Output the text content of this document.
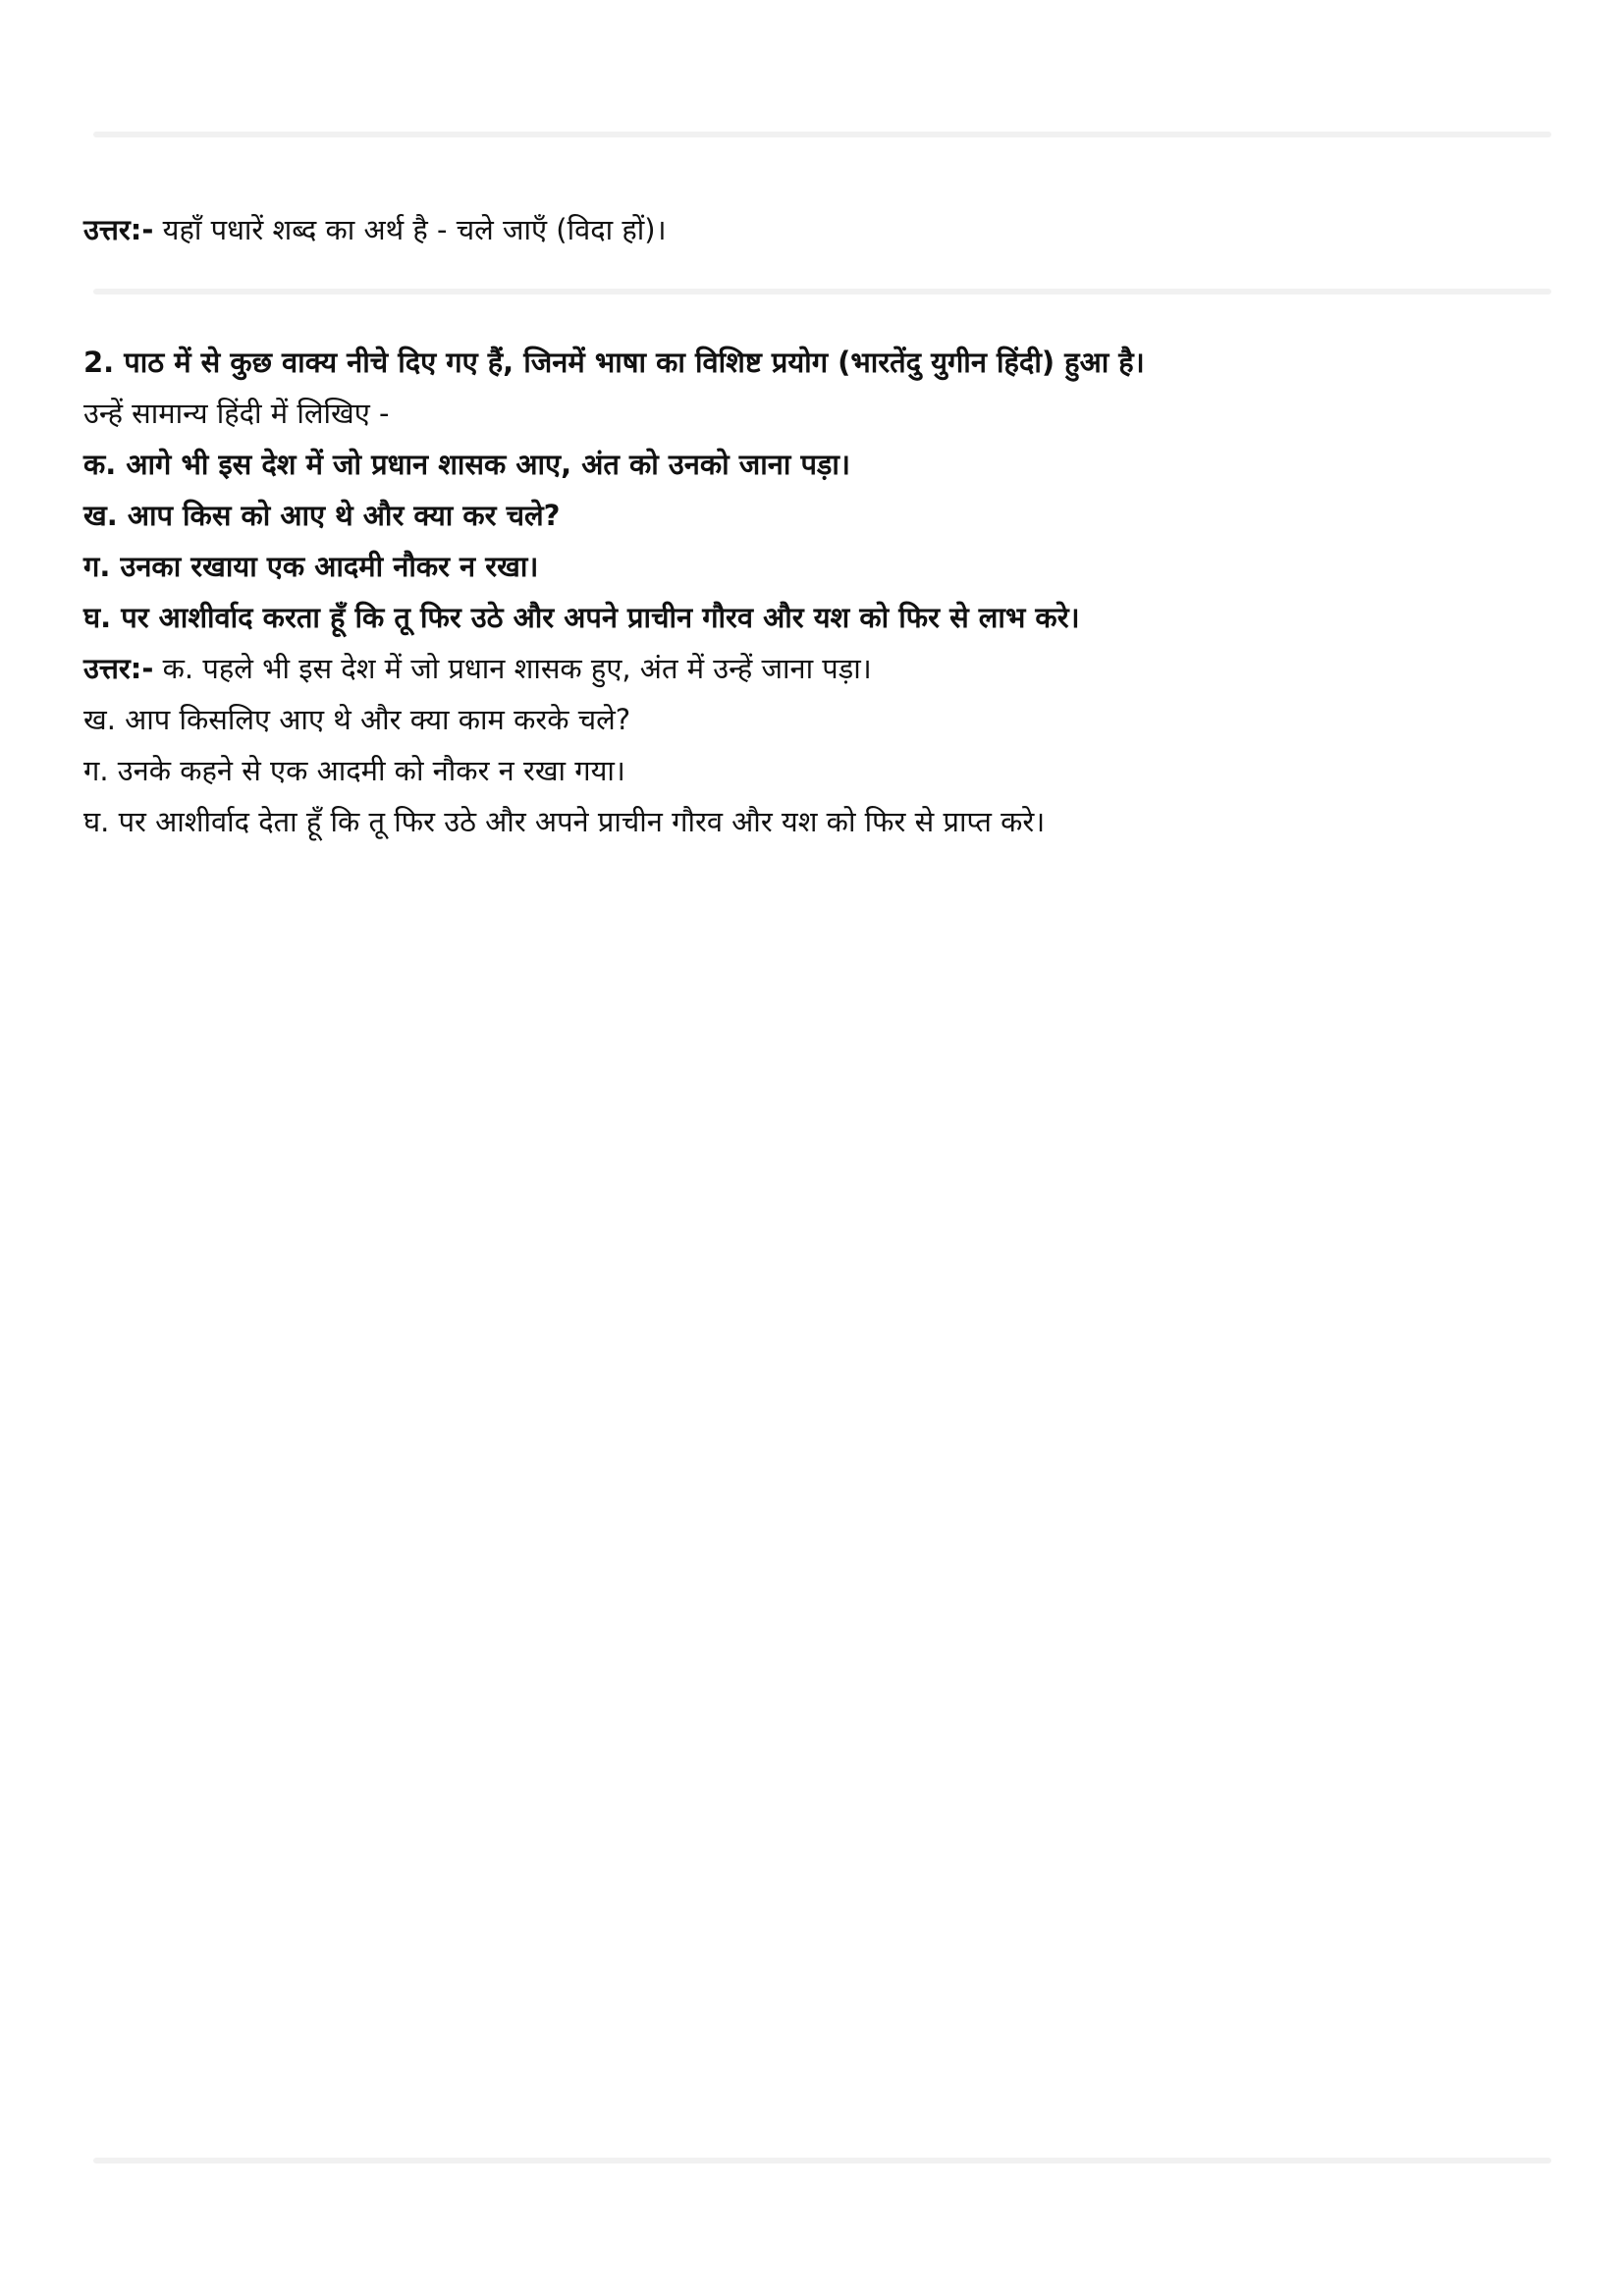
उत्तर:- यहाँ पधारें शब्द का अर्थ है - चले जाएँ (विदा हों)।

2. पाठ में से कुछ वाक्य नीचे दिए गए हैं, जिनमें भाषा का विशिष्ट प्रयोग (भारतेंदु युगीन हिंदी) हुआ है।

उन्हें सामान्य हिंदी में लिखिए -

क. आगे भी इस देश में जो प्रधान शासक आए, अंत को उनको जाना पड़ा।

ख. आप किस को आए थे और क्या कर चले?

ग. उनका रखाया एक आदमी नौकर न रखा।

घ. पर आशीर्वाद करता हूँ कि तू फिर उठे और अपने प्राचीन गौरव और यश को फिर से लाभ करे।

उत्तर:- क. पहले भी इस देश में जो प्रधान शासक हुए, अंत में उन्हें जाना पड़ा।

ख. आप किसलिए आए थे और क्या काम करके चले?

ग. उनके कहने से एक आदमी को नौकर न रखा गया।

घ. पर आशीर्वाद देता हूँ कि तू फिर उठे और अपने प्राचीन गौरव और यश को फिर से प्राप्त करे।
